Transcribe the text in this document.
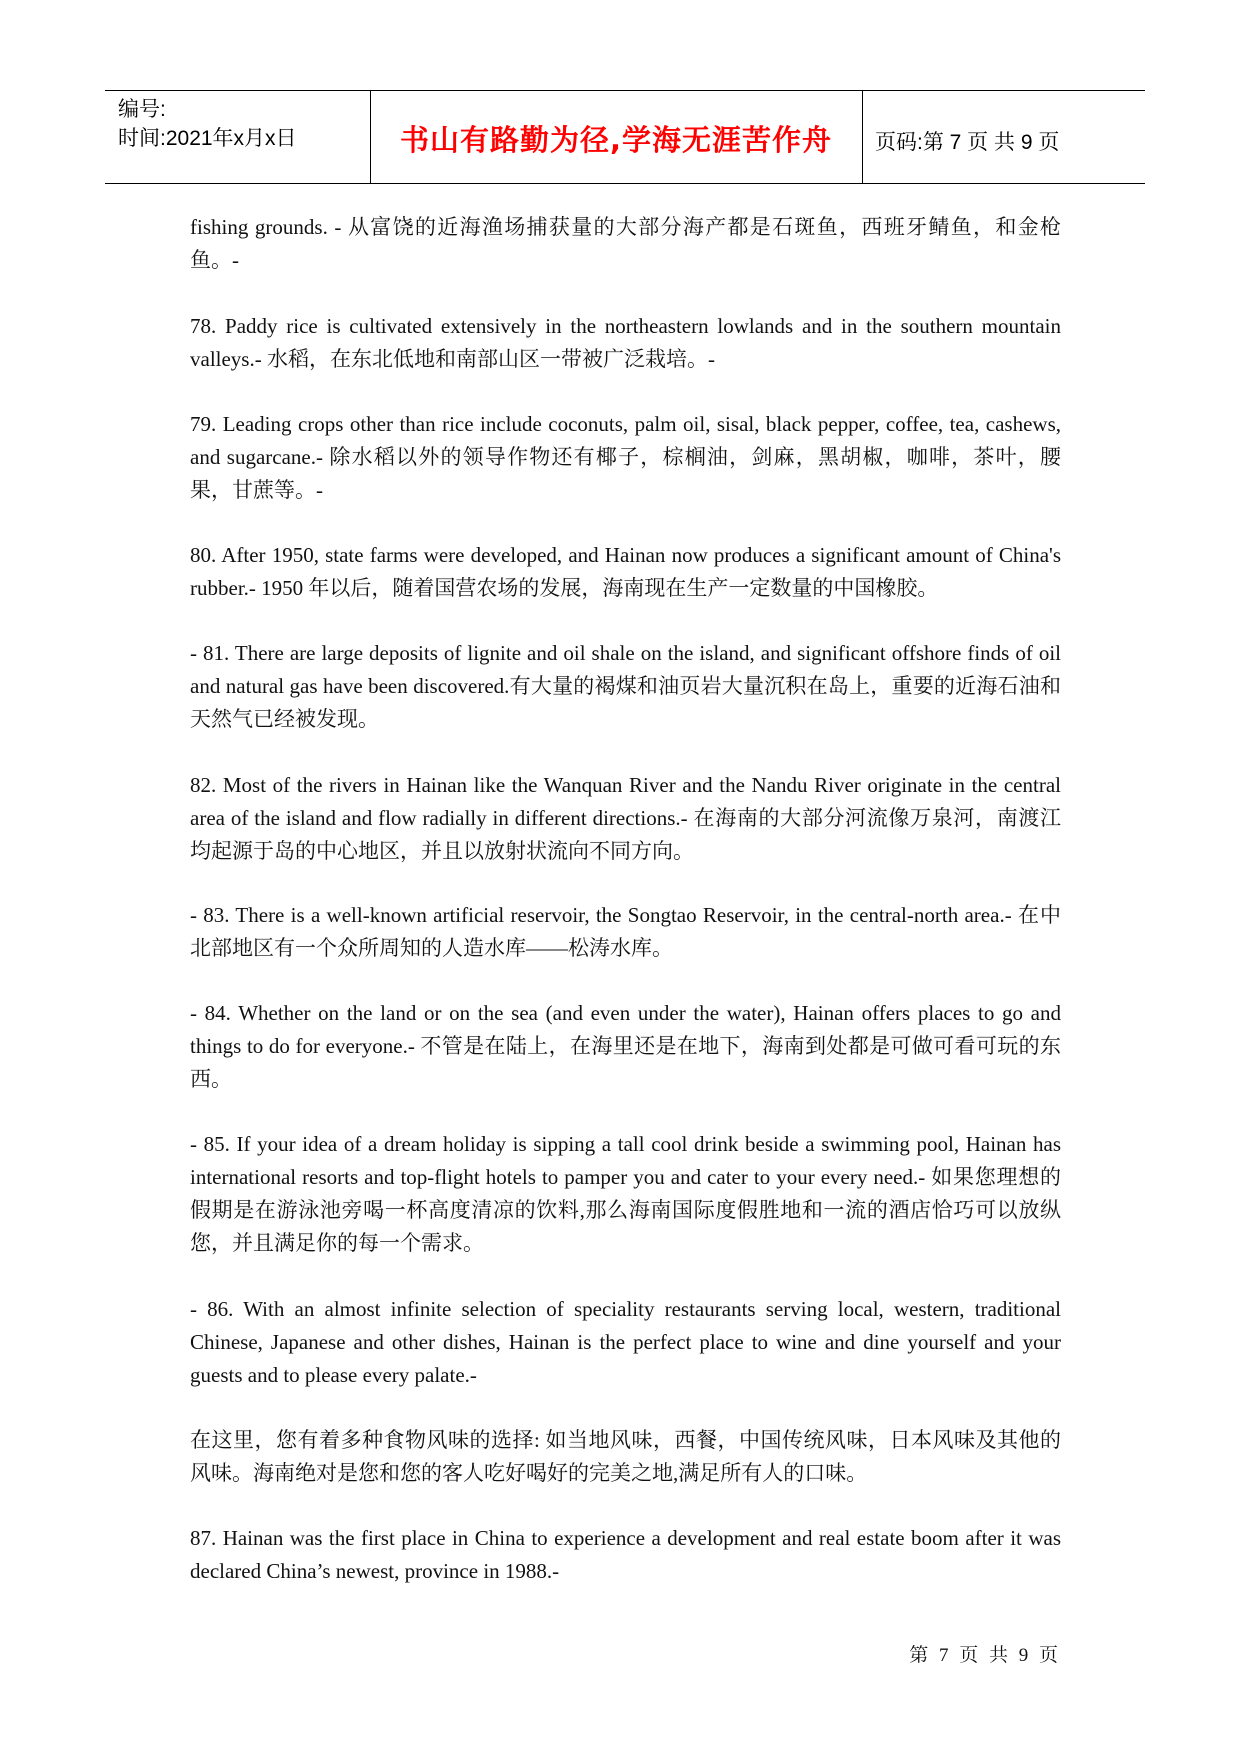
编号:
时间:2021年x月x日	书山有路勤为径,学海无涯苦作舟	页码:第 7 页 共 9 页

fishing grounds. - 从富饶的近海渔场捕获量的大部分海产都是石斑鱼，西班牙鲭鱼，和金枪鱼。-

78. Paddy rice is cultivated extensively in the northeastern lowlands and in the southern mountain valleys.- 水稻，在东北低地和南部山区一带被广泛栽培。-

79. Leading crops other than rice include coconuts, palm oil, sisal, black pepper, coffee, tea, cashews, and sugarcane.- 除水稻以外的领导作物还有椰子，棕榈油，剑麻，黑胡椒，咖啡，茶叶，腰果，甘蔗等。-

80. After 1950, state farms were developed, and Hainan now produces a significant amount of China's rubber.- 1950 年以后，随着国营农场的发展，海南现在生产一定数量的中国橡胶。

- 81. There are large deposits of lignite and oil shale on the island, and significant offshore finds of oil and natural gas have been discovered.有大量的褐煤和油页岩大量沉积在岛上，重要的近海石油和天然气已经被发现。

82. Most of the rivers in Hainan like the Wanquan River and the Nandu River originate in the central area of the island and flow radially in different directions.- 在海南的大部分河流像万泉河，南渡江均起源于岛的中心地区，并且以放射状流向不同方向。

- 83. There is a well-known artificial reservoir, the Songtao Reservoir, in the central-north area.- 在中北部地区有一个众所周知的人造水库——松涛水库。

- 84. Whether on the land or on the sea (and even under the water), Hainan offers places to go and things to do for everyone.- 不管是在陆上，在海里还是在地下，海南到处都是可做可看可玩的东西。

- 85. If your idea of a dream holiday is sipping a tall cool drink beside a swimming pool, Hainan has international resorts and top-flight hotels to pamper you and cater to your every need.- 如果您理想的假期是在游泳池旁喝一杯高度清凉的饮料,那么海南国际度假胜地和一流的酒店恰巧可以放纵您，并且满足你的每一个需求。

- 86. With an almost infinite selection of speciality restaurants serving local, western, traditional Chinese, Japanese and other dishes, Hainan is the perfect place to wine and dine yourself and your guests and to please every palate.-

在这里，您有着多种食物风味的选择: 如当地风味，西餐，中国传统风味，日本风味及其他的风味。海南绝对是您和您的客人吃好喝好的完美之地,满足所有人的口味。

87. Hainan was the first place in China to experience a development and real estate boom after it was declared China’s newest, province in 1988.-

第 7 页 共 9 页
